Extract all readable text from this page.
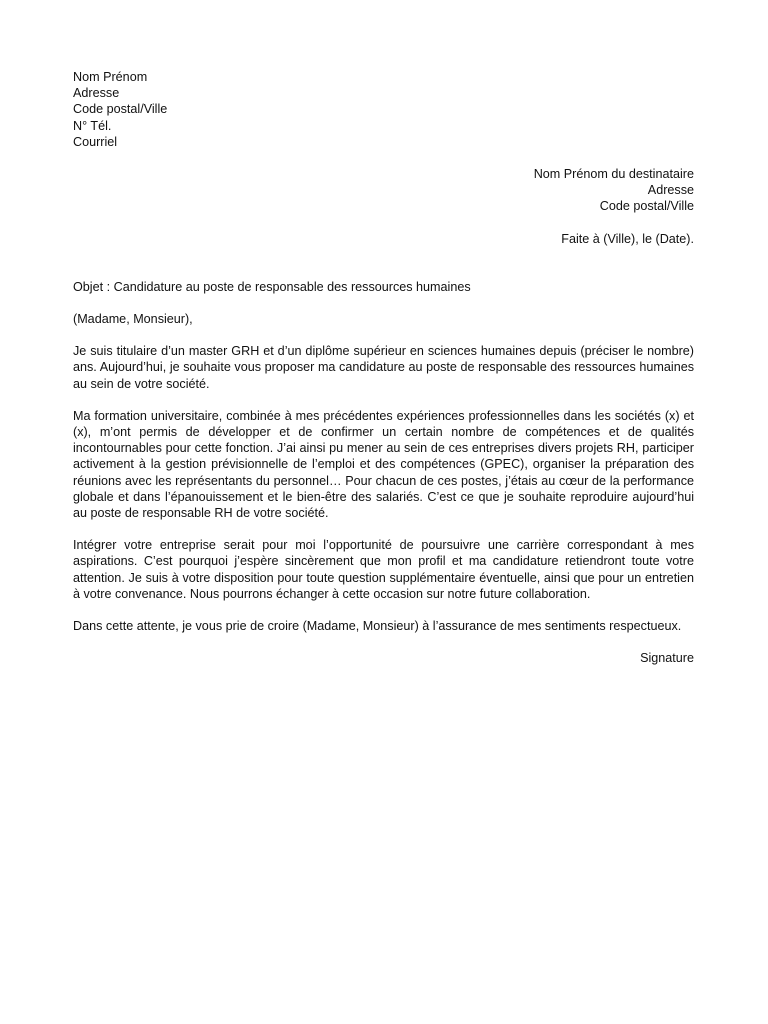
Nom Prénom
Adresse
Code postal/Ville
N° Tél.
Courriel
Nom Prénom du destinataire
Adresse
Code postal/Ville
Faite à (Ville), le (Date).
Objet : Candidature au poste de responsable des ressources humaines
(Madame, Monsieur),

Je suis titulaire d’un master GRH et d’un diplôme supérieur en sciences humaines depuis (préciser le nombre) ans. Aujourd’hui, je souhaite vous proposer ma candidature au poste de responsable des ressources humaines au sein de votre société.

Ma formation universitaire, combinée à mes précédentes expériences professionnelles dans les sociétés (x) et (x), m’ont permis de développer et de confirmer un certain nombre de compétences et de qualités incontournables pour cette fonction. J’ai ainsi pu mener au sein de ces entreprises divers projets RH, participer activement à la gestion prévisionnelle de l’emploi et des compétences (GPEC), organiser la préparation des réunions avec les représentants du personnel… Pour chacun de ces postes, j’étais au cœur de la performance globale et dans l’épanouissement et le bien-être des salariés. C’est ce que je souhaite reproduire aujourd’hui au poste de responsable RH de votre société.

Intégrer votre entreprise serait pour moi l’opportunité de poursuivre une carrière correspondant à mes aspirations. C’est pourquoi j’espère sincèrement que mon profil et ma candidature retiendront toute votre attention. Je suis à votre disposition pour toute question supplémentaire éventuelle, ainsi que pour un entretien à votre convenance. Nous pourrons échanger à cette occasion sur notre future collaboration.

Dans cette attente, je vous prie de croire (Madame, Monsieur) à l’assurance de mes sentiments respectueux.

Signature
